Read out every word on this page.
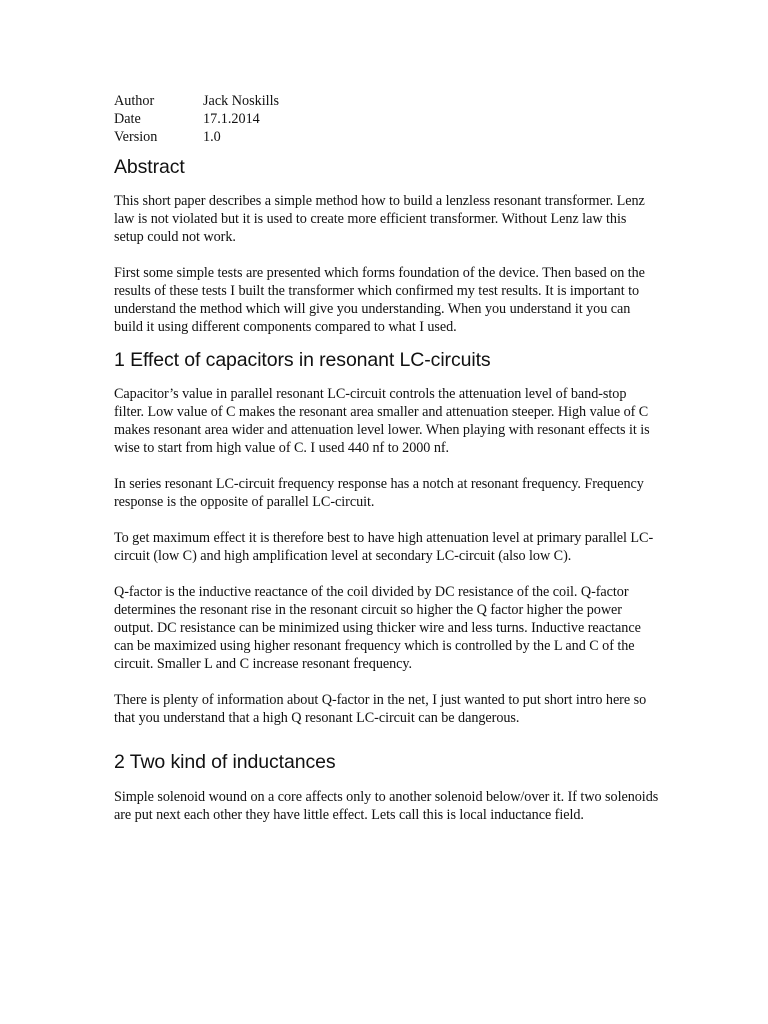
Author	Jack Noskills
Date	17.1.2014
Version	1.0
Abstract

This short paper describes a simple method how to build a lenzless resonant transformer. Lenz law is not violated but it is used to create more efficient transformer. Without Lenz law this setup could not work.

First some simple tests are presented which forms foundation of the device. Then based on the results of these tests I built the transformer which confirmed my test results. It is important to understand the method which will give you understanding. When you understand it you can build it using different components compared to what I used.

1 Effect of capacitors in resonant LC-circuits

Capacitor’s value in parallel resonant LC-circuit controls the attenuation level of band-stop filter. Low value of C makes the resonant area smaller and attenuation steeper. High value of C makes resonant area wider and attenuation level lower. When playing with resonant effects it is wise to start from high value of C. I used 440 nf to 2000 nf.

In series resonant LC-circuit frequency response has a notch at resonant frequency. Frequency response is the opposite of parallel LC-circuit.

To get maximum effect it is therefore best to have high attenuation level at primary parallel LC-circuit (low C) and high amplification level at secondary LC-circuit (also low C).

Q-factor is the inductive reactance of the coil divided by DC resistance of the coil. Q-factor determines the resonant rise in the resonant circuit so higher the Q factor higher the power output. DC resistance can be minimized using thicker wire and less turns. Inductive reactance can be maximized using higher resonant frequency which is controlled by the L and C of the circuit. Smaller L and C increase resonant frequency.

There is plenty of information about Q-factor in the net, I just wanted to put short intro here so that you understand that a high Q resonant LC-circuit can be dangerous.

2 Two kind of inductances

Simple solenoid wound on a core affects only to another solenoid below/over it. If two solenoids are put next each other they have little effect. Lets call this is local inductance field.
